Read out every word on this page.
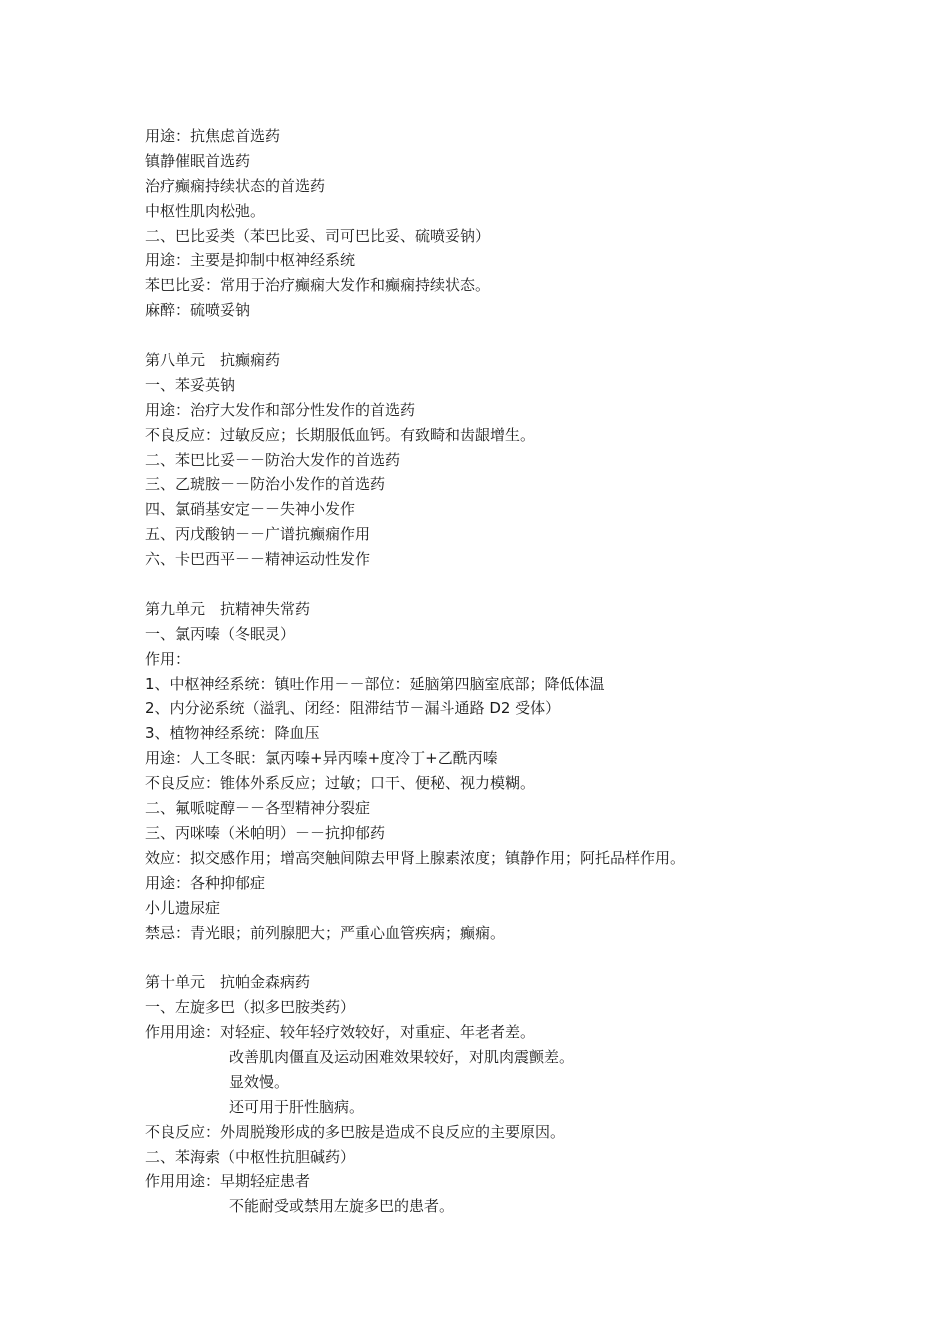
用途：抗焦虑首选药
镇静催眠首选药
治疗癫痫持续状态的首选药
中枢性肌肉松弛。
二、巴比妥类（苯巴比妥、司可巴比妥、硫喷妥钠）
用途：主要是抑制中枢神经系统
苯巴比妥：常用于治疗癫痫大发作和癫痫持续状态。
麻醉：硫喷妥钠
第八单元　抗癫痫药
一、苯妥英钠
用途：治疗大发作和部分性发作的首选药
不良反应：过敏反应；长期服低血钙。有致畸和齿龈增生。
二、苯巴比妥－－防治大发作的首选药
三、乙琥胺－－防治小发作的首选药
四、氯硝基安定－－失神小发作
五、丙戊酸钠－－广谱抗癫痫作用
六、卡巴西平－－精神运动性发作
第九单元　抗精神失常药
一、氯丙嗪（冬眠灵）
作用：
1、中枢神经系统：镇吐作用－－部位：延脑第四脑室底部；降低体温
2、内分泌系统（溢乳、闭经：阻滞结节－漏斗通路 D2 受体）
3、植物神经系统：降血压
用途：人工冬眠：氯丙嗪+异丙嗪+度冷丁+乙酰丙嗪
不良反应：锥体外系反应；过敏；口干、便秘、视力模糊。
二、氟哌啶醇－－各型精神分裂症
三、丙咪嗪（米帕明）－－抗抑郁药
效应：拟交感作用；增高突触间隙去甲肾上腺素浓度；镇静作用；阿托品样作用。
用途：各种抑郁症
小儿遗尿症
禁忌：青光眼；前列腺肥大；严重心血管疾病；癫痫。
第十单元　抗帕金森病药
一、左旋多巴（拟多巴胺类药）
作用用途：对轻症、较年轻疗效较好，对重症、年老者差。
改善肌肉僵直及运动困难效果较好，对肌肉震颤差。
显效慢。
还可用于肝性脑病。
不良反应：外周脱羧形成的多巴胺是造成不良反应的主要原因。
二、苯海索（中枢性抗胆碱药）
作用用途：早期轻症患者
不能耐受或禁用左旋多巴的患者。
